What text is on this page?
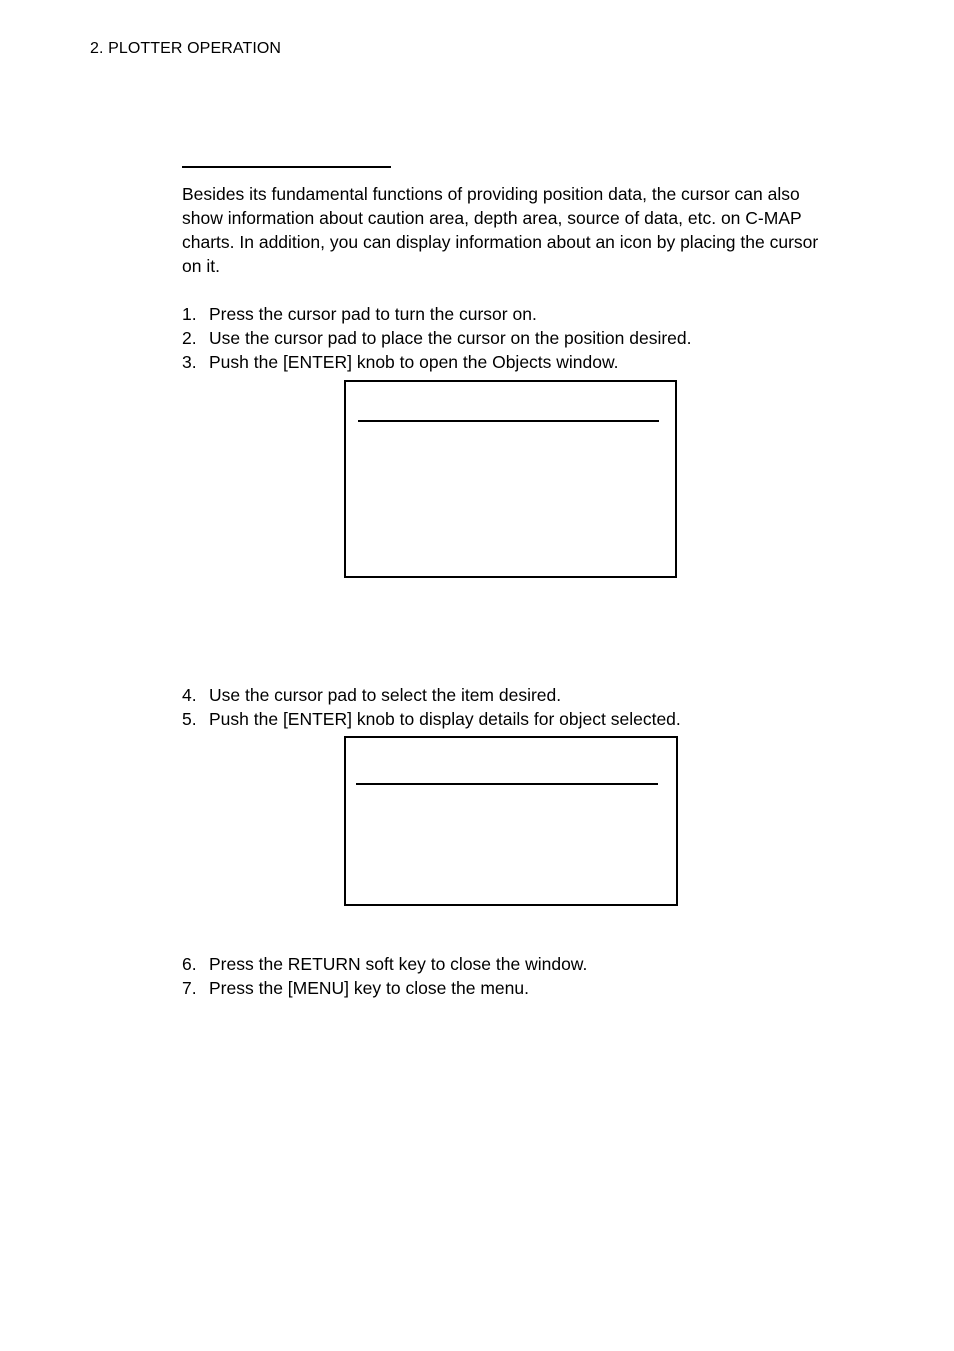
2. PLOTTER OPERATION

Besides its fundamental functions of providing position data, the cursor can also show information about caution area, depth area, source of data, etc. on C-MAP charts. In addition, you can display information about an icon by placing the cursor on it.

1. Press the cursor pad to turn the cursor on.
2. Use the cursor pad to place the cursor on the position desired.
3. Push the [ENTER] knob to open the Objects window.
4. Use the cursor pad to select the item desired.
5. Push the [ENTER] knob to display details for object selected.
6. Press the RETURN soft key to close the window.
7. Press the [MENU] key to close the menu.
